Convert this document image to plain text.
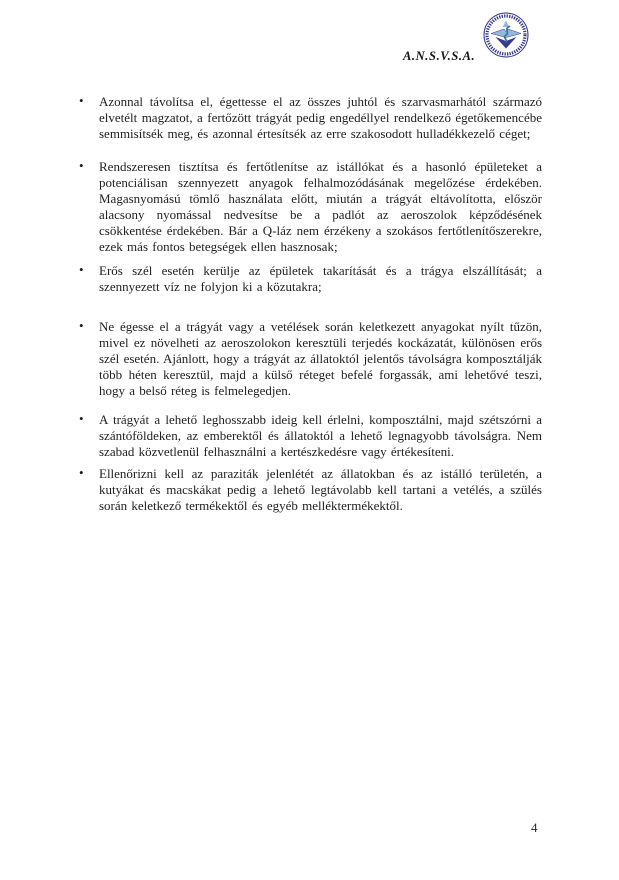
A.N.S.V.S.A.
• Azonnal távolítsa el, égettesse el az összes juhtól és szarvasmarhától származó elvetélt magzatot, a fertőzött trágyát pedig engedéllyel rendelkező égetőkemencébe semmisítsék meg, és azonnal értesítsék az erre szakosodott hulladékkezelő céget;
• Rendszeresen tisztítsa és fertőtlenítse az istállókat és a hasonló épületeket a potenciálisan szennyezett anyagok felhalmozódásának megelőzése érdekében. Magasnyomású tömlő használata előtt, miután a trágyát eltávolította, először alacsony nyomással nedvesítse be a padlót az aeroszolok képződésének csökkentése érdekében. Bár a Q-láz nem érzékeny a szokásos fertőtlenítőszerekre, ezek más fontos betegségek ellen hasznosak;
• Erős szél esetén kerülje az épületek takarítását és a trágya elszállítását; a szennyezett víz ne folyjon ki a közutakra;
• Ne égesse el a trágyát vagy a vetélések során keletkezett anyagokat nyílt tűzön, mivel ez növelheti az aeroszolokon keresztüli terjedés kockázatát, különösen erős szél esetén. Ajánlott, hogy a trágyát az állatoktól jelentős távolságra komposztálják több héten keresztül, majd a külső réteget befelé forgassák, ami lehetővé teszi, hogy a belső réteg is felmelegedjen.
• A trágyát a lehető leghosszabb ideig kell érlelni, komposztálni, majd szétszórni a szántóföldeken, az emberektől és állatoktól a lehető legnagyobb távolságra. Nem szabad közvetlenül felhasználni a kertészkedésre vagy értékesíteni.
• Ellenőrizni kell az paraziták jelenlétét az állatokban és az istálló területén, a kutyákat és macskákat pedig a lehető legtávolabb kell tartani a vetélés, a szülés során keletkező termékektől és egyéb melléktermékektől.
4
